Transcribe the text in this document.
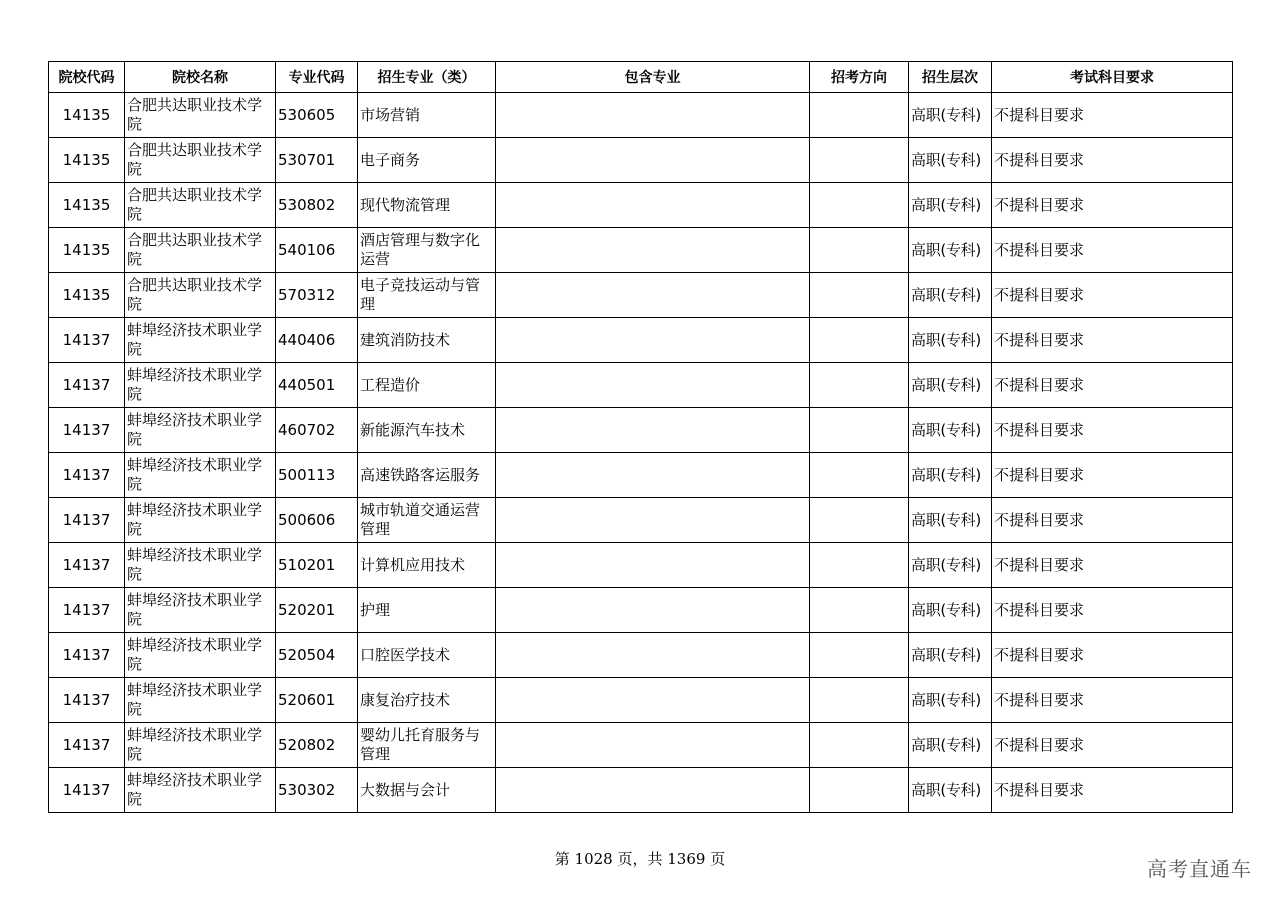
院校代码	院校名称	专业代码	招生专业（类）	包含专业	招考方向	招生层次	考试科目要求
14135	合肥共达职业技术学院	530605	市场营销			高职(专科)	不提科目要求
14135	合肥共达职业技术学院	530701	电子商务			高职(专科)	不提科目要求
14135	合肥共达职业技术学院	530802	现代物流管理			高职(专科)	不提科目要求
14135	合肥共达职业技术学院	540106	酒店管理与数字化运营			高职(专科)	不提科目要求
14135	合肥共达职业技术学院	570312	电子竞技运动与管理			高职(专科)	不提科目要求
14137	蚌埠经济技术职业学院	440406	建筑消防技术			高职(专科)	不提科目要求
14137	蚌埠经济技术职业学院	440501	工程造价			高职(专科)	不提科目要求
14137	蚌埠经济技术职业学院	460702	新能源汽车技术			高职(专科)	不提科目要求
14137	蚌埠经济技术职业学院	500113	高速铁路客运服务			高职(专科)	不提科目要求
14137	蚌埠经济技术职业学院	500606	城市轨道交通运营管理			高职(专科)	不提科目要求
14137	蚌埠经济技术职业学院	510201	计算机应用技术			高职(专科)	不提科目要求
14137	蚌埠经济技术职业学院	520201	护理			高职(专科)	不提科目要求
14137	蚌埠经济技术职业学院	520504	口腔医学技术			高职(专科)	不提科目要求
14137	蚌埠经济技术职业学院	520601	康复治疗技术			高职(专科)	不提科目要求
14137	蚌埠经济技术职业学院	520802	婴幼儿托育服务与管理			高职(专科)	不提科目要求
14137	蚌埠经济技术职业学院	530302	大数据与会计			高职(专科)	不提科目要求
第 1028 页，共 1369 页	高考直通车
